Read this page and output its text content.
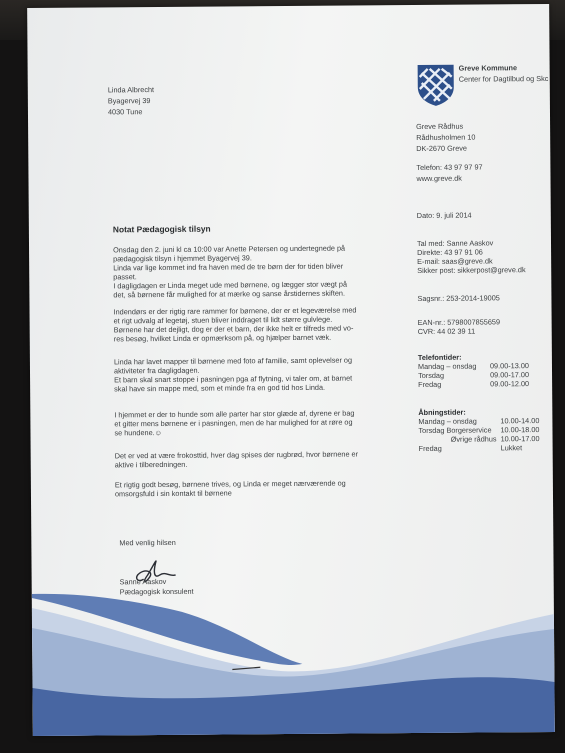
Linda Albrecht
Byagervej 39
4030 Tune
Greve Kommune
Center for Dagtilbud og Skc
Greve Rådhus
Rådhusholmen 10
DK-2670 Greve
Telefon: 43 97 97 97
www.greve.dk
Dato: 9. juli 2014
Tal med: Sanne Aaskov
Direkte: 43 97 91 06
E-mail: saas@greve.dk
Sikker post: sikkerpost@greve.dk
Sagsnr.: 253-2014-19005
EAN-nr.: 5798007855659
CVR: 44 02 39 11
Telefontider:
Mandag – onsdag 09.00-13.00
Torsdag	09.00-17.00
Fredag	09.00-12.00
Åbningstider:
Mandag – onsdag	10.00-14.00
Torsdag Borgerservice 10.00-18.00
Øvrige rådhus 10.00-17.00
Fredag	Lukket
Notat Pædagogisk tilsyn
Onsdag den 2. juni kl ca 10:00 var Anette Petersen og undertegnede på
pædagogisk tilsyn i hjemmet Byagervej 39.
Linda var lige kommet ind fra haven med de tre børn der for tiden bliver
passet.
I dagligdagen er Linda meget ude med børnene, og lægger stor vægt på
det, så børnene får mulighed for at mærke og sanse årstidernes skiften.
Indendørs er der rigtig rare rammer for børnene, der er et legeværelse med
et rigt udvalg af legetøj, stuen bliver inddraget til lidt større gulvlege.
Børnene har det dejligt, dog er der et barn, der ikke helt er tilfreds med vo-
res besøg, hvilket Linda er opmærksom på, og hjælper barnet væk.
Linda har lavet mapper til børnene med foto af familie, samt oplevelser og
aktiviteter fra dagligdagen.
Et barn skal snart stoppe i pasningen pga af flytning, vi taler om, at barnet
skal have sin mappe med, som et minde fra en god tid hos Linda.
I hjemmet er der to hunde som alle parter har stor glæde af, dyrene er bag
et gitter mens børnene er i pasningen, men de har mulighed for at røre og
se hundene.☺
Det er ved at være frokosttid, hver dag spises der rugbrød, hvor børnene er
aktive i tilberedningen.
Et rigtig godt besøg, børnene trives, og Linda er meget nærværende og
omsorgsfuld i sin kontakt til børnene
Med venlig hilsen
Sanne Aaskov
Pædagogisk konsulent
